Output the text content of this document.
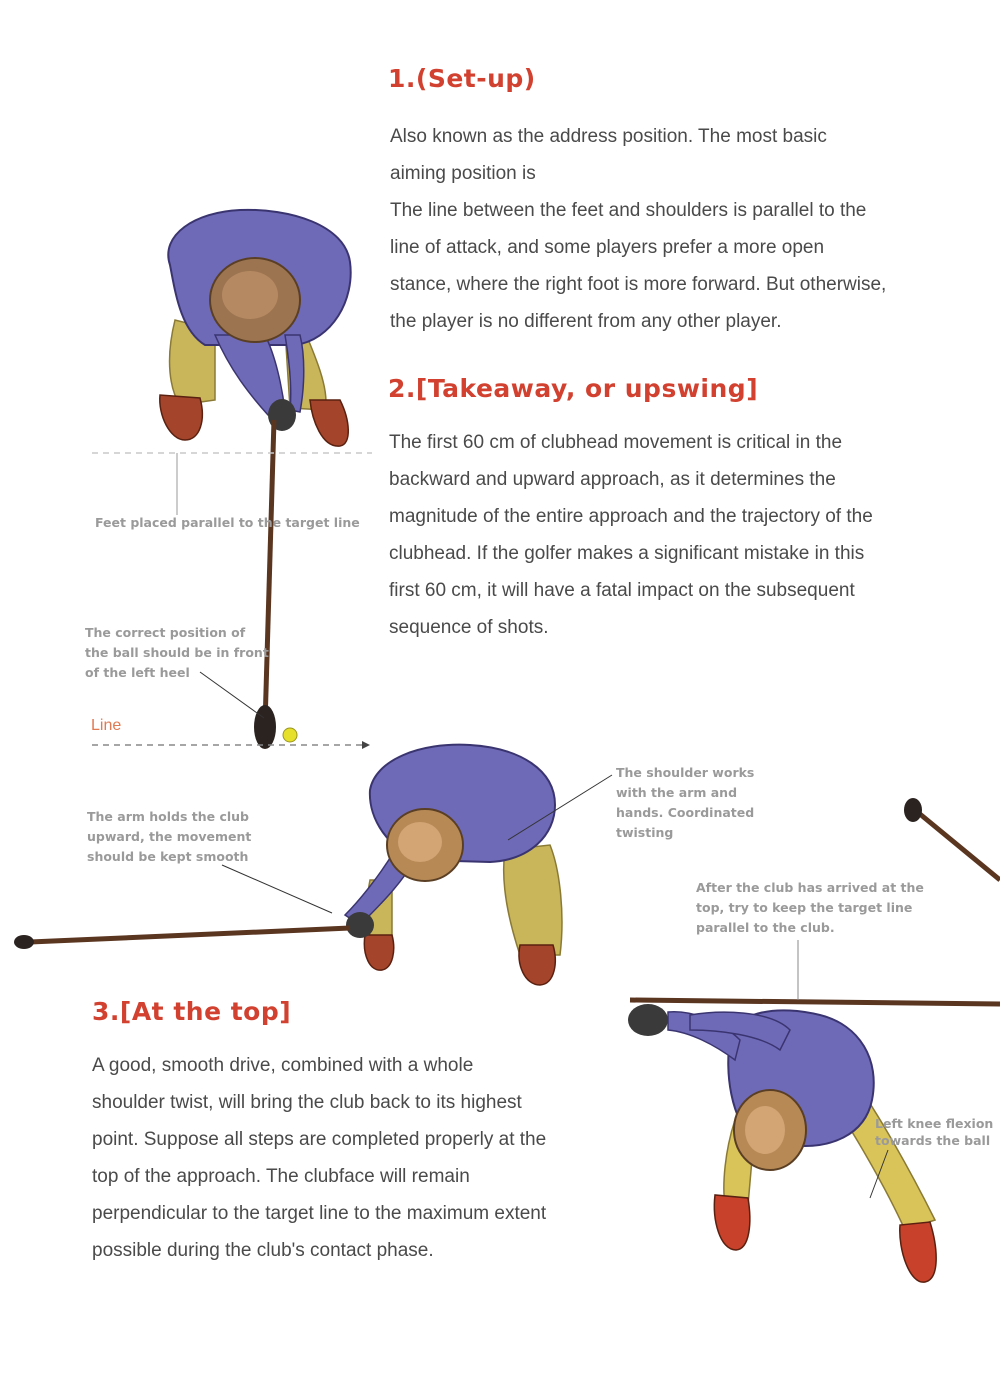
1.(Set-up)
Also known as the address position. The most basic
aiming position is
The line between the feet and shoulders is parallel to the
line of attack, and some players prefer a more open
stance, where the right foot is more forward. But otherwise,
the player is no different from any other player.
2.[Takeaway, or upswing]
The first 60 cm of clubhead movement is critical in the
backward and upward approach, as it determines the
magnitude of the entire approach and the trajectory of the
clubhead. If the golfer makes a significant mistake in this
first 60 cm, it will have a fatal impact on the subsequent
sequence of shots.
3.[At the top]
A good, smooth drive, combined with a whole
shoulder twist, will bring the club back to its highest
point. Suppose all steps are completed properly at the
top of the approach. The clubface will remain
perpendicular to the target line to the maximum extent
possible during the club's contact phase.
Feet placed parallel to the target line
The correct position of
the ball should be in front
of the left heel
Line
The arm holds the club
upward, the movement
should be kept smooth
The shoulder works
with the arm and
hands. Coordinated
twisting
After the club has arrived at the
top, try to keep the target line
parallel to the club.
Left knee flexion
towards the ball
